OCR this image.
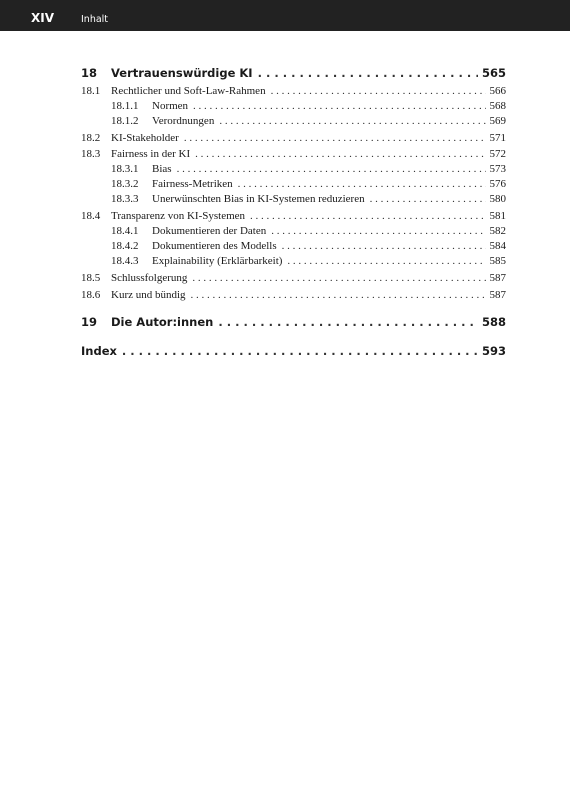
XIV	Inhalt
18	Vertrauenswürdige KI . . .	565
18.1 Rechtlicher und Soft-Law-Rahmen . . .	566
18.1.1	Normen . . .	568
18.1.2	Verordnungen . . .	569
18.2 KI-Stakeholder . . .	571
18.3 Fairness in der KI . . .	572
18.3.1	Bias . . .	573
18.3.2	Fairness-Metriken . . .	576
18.3.3	Unerwünschten Bias in KI-Systemen reduzieren . . .	580
18.4 Transparenz von KI-Systemen . . .	581
18.4.1	Dokumentieren der Daten . . .	582
18.4.2	Dokumentieren des Modells . . .	584
18.4.3	Explainability (Erklärbarkeit) . . .	585
18.5 Schlussfolgerung . . .	587
18.6 Kurz und bündig . . .	587
19	Die Autor:innen . . .	588
Index . . .	593
